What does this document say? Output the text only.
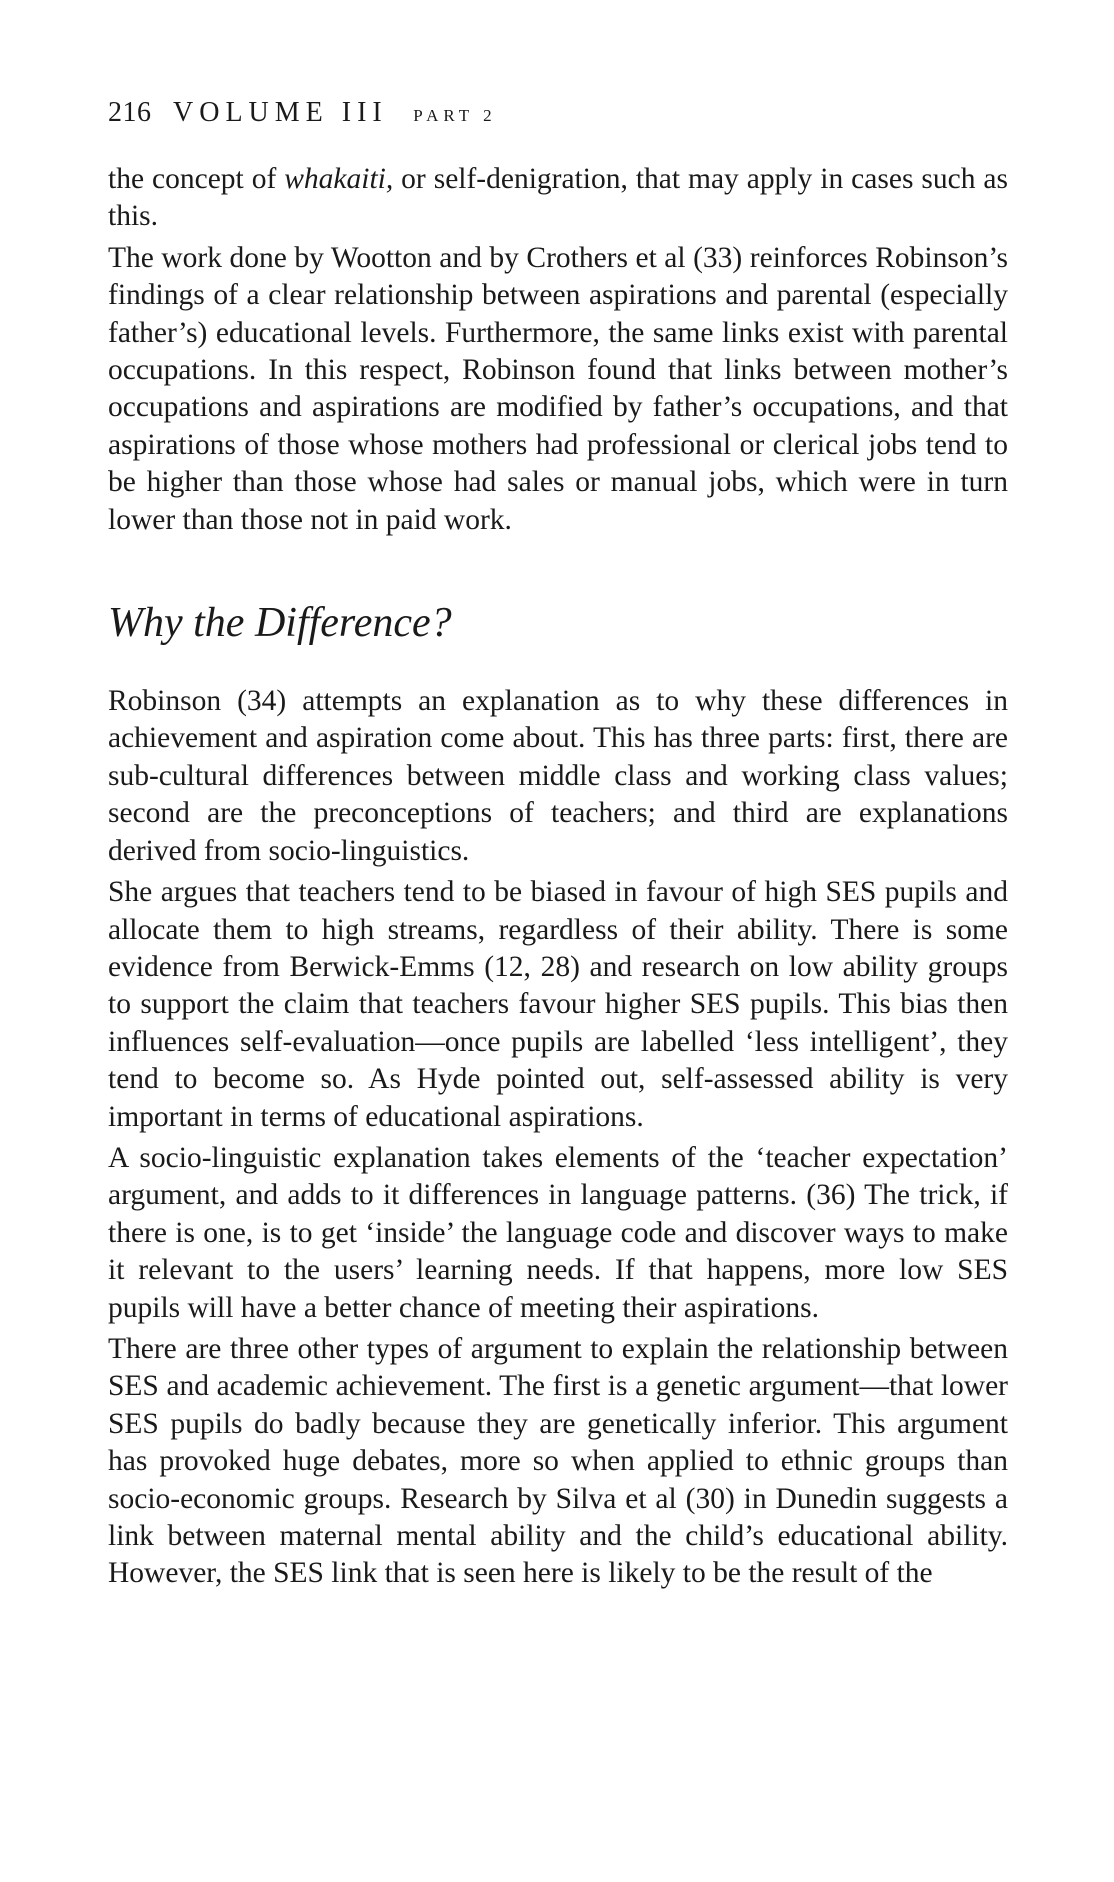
216 VOLUME III PART 2

the concept of whakaiti, or self-denigration, that may apply in cases such as this.

The work done by Wootton and by Crothers et al (33) reinforces Robinson’s findings of a clear relationship between aspirations and parental (especially father’s) educational levels. Furthermore, the same links exist with parental occupations. In this respect, Robinson found that links between mother’s occupations and aspirations are modified by father’s occupations, and that aspirations of those whose mothers had professional or clerical jobs tend to be higher than those whose had sales or manual jobs, which were in turn lower than those not in paid work.

Why the Difference?

Robinson (34) attempts an explanation as to why these differences in achievement and aspiration come about. This has three parts: first, there are sub-cultural differences between middle class and working class values; second are the preconceptions of teachers; and third are explanations derived from socio-linguistics.

She argues that teachers tend to be biased in favour of high SES pupils and allocate them to high streams, regardless of their ability. There is some evidence from Berwick-Emms (12, 28) and research on low ability groups to support the claim that teachers favour higher SES pupils. This bias then influences self-evaluation—once pupils are labelled ‘less intelligent’, they tend to become so. As Hyde pointed out, self-assessed ability is very important in terms of educational aspirations.

A socio-linguistic explanation takes elements of the ‘teacher expectation’ argument, and adds to it differences in language patterns. (36) The trick, if there is one, is to get ‘inside’ the language code and discover ways to make it relevant to the users’ learning needs. If that happens, more low SES pupils will have a better chance of meeting their aspirations.

There are three other types of argument to explain the relationship between SES and academic achievement. The first is a genetic argument—that lower SES pupils do badly because they are genetically inferior. This argument has provoked huge debates, more so when applied to ethnic groups than socio-economic groups. Research by Silva et al (30) in Dunedin suggests a link between maternal mental ability and the child’s educational ability. However, the SES link that is seen here is likely to be the result of the
